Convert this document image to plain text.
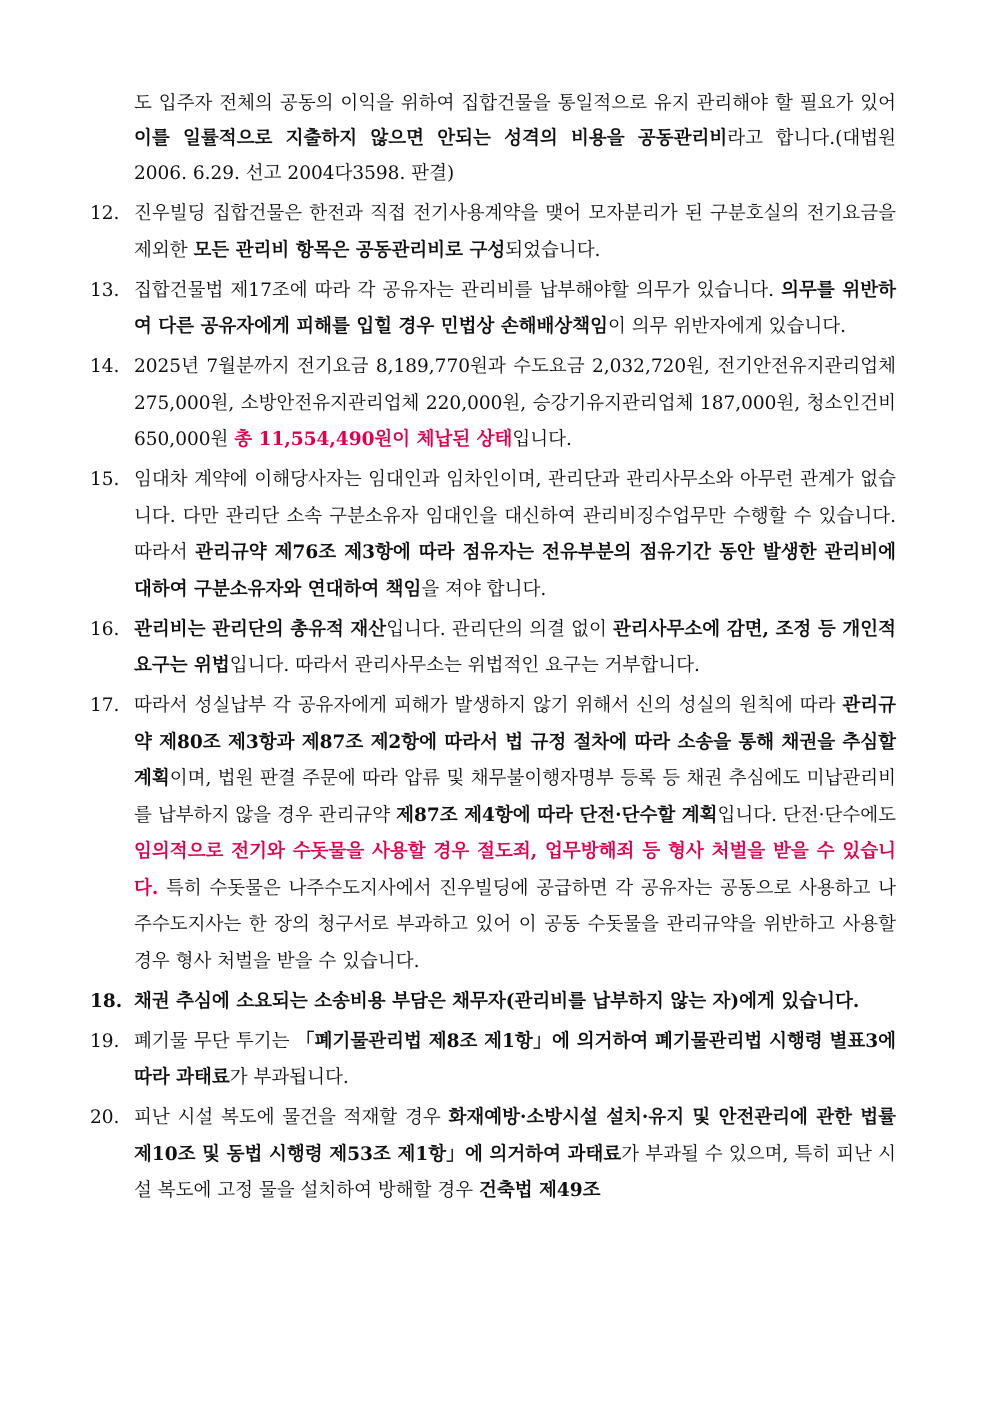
도 입주자 전체의 공동의 이익을 위하여 집합건물을 통일적으로 유지 관리해야 할 필요가 있어 이를 일률적으로 지출하지 않으면 안되는 성격의 비용을 공동관리비라고 합니다.(대법원 2006. 6.29. 선고 2004다3598. 판결)
12. 진우빌딩 집합건물은 한전과 직접 전기사용계약을 맺어 모자분리가 된 구분호실의 전기요금을 제외한 모든 관리비 항목은 공동관리비로 구성되었습니다.
13. 집합건물법 제17조에 따라 각 공유자는 관리비를 납부해야할 의무가 있습니다. 의무를 위반하여 다른 공유자에게 피해를 입힐 경우 민법상 손해배상책임이 의무 위반자에게 있습니다.
14. 2025년 7월분까지 전기요금 8,189,770원과 수도요금 2,032,720원, 전기안전유지관리업체 275,000원, 소방안전유지관리업체 220,000원, 승강기유지관리업체 187,000원, 청소인건비 650,000원 총 11,554,490원이 체납된 상태입니다.
15. 임대차 계약에 이해당사자는 임대인과 임차인이며, 관리단과 관리사무소와 아무런 관계가 없습니다. 다만 관리단 소속 구분소유자 임대인을 대신하여 관리비징수업무만 수행할 수 있습니다. 따라서 관리규약 제76조 제3항에 따라 점유자는 전유부분의 점유기간 동안 발생한 관리비에 대하여 구분소유자와 연대하여 책임을 져야 합니다.
16. 관리비는 관리단의 총유적 재산입니다. 관리단의 의결 없이 관리사무소에 감면, 조정 등 개인적 요구는 위법입니다. 따라서 관리사무소는 위법적인 요구는 거부합니다.
17. 따라서 성실납부 각 공유자에게 피해가 발생하지 않기 위해서 신의 성실의 원칙에 따라 관리규약 제80조 제3항과 제87조 제2항에 따라서 법 규정 절차에 따라 소송을 통해 채권을 추심할 계획이며, 법원 판결 주문에 따라 압류 및 채무불이행자명부 등록 등 채권 추심에도 미납관리비를 납부하지 않을 경우 관리규약 제87조 제4항에 따라 단전·단수할 계획입니다. 단전·단수에도 임의적으로 전기와 수돗물을 사용할 경우 절도죄, 업무방해죄 등 형사 처벌을 받을 수 있습니다. 특히 수돗물은 나주수도지사에서 진우빌딩에 공급하면 각 공유자는 공동으로 사용하고 나주수도지사는 한 장의 청구서로 부과하고 있어 이 공동 수돗물을 관리규약을 위반하고 사용할 경우 형사 처벌을 받을 수 있습니다.
18. 채권 추심에 소요되는 소송비용 부담은 채무자(관리비를 납부하지 않는 자)에게 있습니다.
19. 폐기물 무단 투기는 「폐기물관리법 제8조 제1항」에 의거하여 폐기물관리법 시행령 별표3에 따라 과태료가 부과됩니다.
20. 피난 시설 복도에 물건을 적재할 경우 화재예방·소방시설 설치·유지 및 안전관리에 관한 법률 제10조 및 동법 시행령 제53조 제1항」에 의거하여 과태료가 부과될 수 있으며, 특히 피난 시설 복도에 고정 물을 설치하여 방해할 경우 건축법 제49조
